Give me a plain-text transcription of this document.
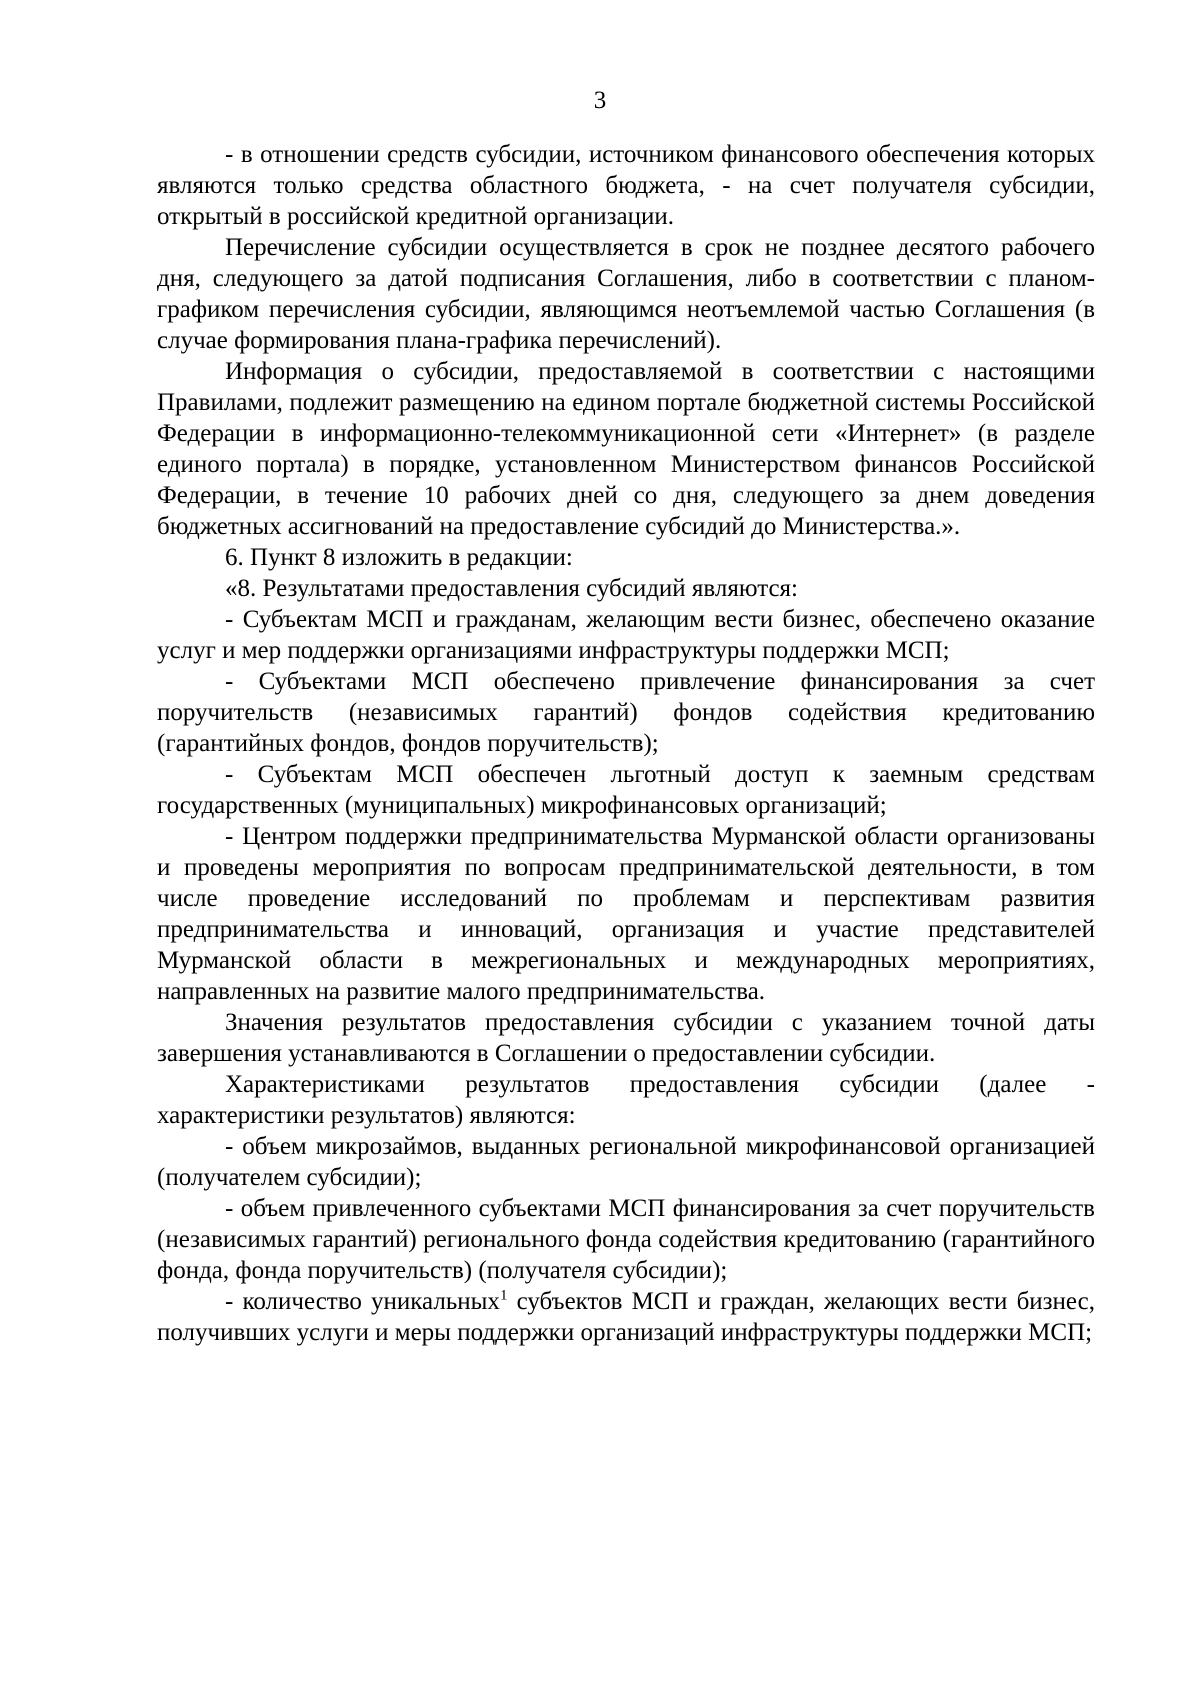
3

- в отношении средств субсидии, источником финансового обеспечения которых являются только средства областного бюджета, - на счет получателя субсидии, открытый в российской кредитной организации.

Перечисление субсидии осуществляется в срок не позднее десятого рабочего дня, следующего за датой подписания Соглашения, либо в соответствии с планом-графиком перечисления субсидии, являющимся неотъемлемой частью Соглашения (в случае формирования плана-графика перечислений).

Информация о субсидии, предоставляемой в соответствии с настоящими Правилами, подлежит размещению на едином портале бюджетной системы Российской Федерации в информационно-телекоммуникационной сети «Интернет» (в разделе единого портала) в порядке, установленном Министерством финансов Российской Федерации, в течение 10 рабочих дней со дня, следующего за днем доведения бюджетных ассигнований на предоставление субсидий до Министерства.».

6. Пункт 8 изложить в редакции:

«8. Результатами предоставления субсидий являются:

- Субъектам МСП и гражданам, желающим вести бизнес, обеспечено оказание услуг и мер поддержки организациями инфраструктуры поддержки МСП;

- Субъектами МСП обеспечено привлечение финансирования за счет поручительств (независимых гарантий) фондов содействия кредитованию (гарантийных фондов, фондов поручительств);

- Субъектам МСП обеспечен льготный доступ к заемным средствам государственных (муниципальных) микрофинансовых организаций;

- Центром поддержки предпринимательства Мурманской области организованы и проведены мероприятия по вопросам предпринимательской деятельности, в том числе проведение исследований по проблемам и перспективам развития предпринимательства и инноваций, организация и участие представителей Мурманской области в межрегиональных и международных мероприятиях, направленных на развитие малого предпринимательства.

Значения результатов предоставления субсидии с указанием точной даты завершения устанавливаются в Соглашении о предоставлении субсидии.

Характеристиками результатов предоставления субсидии (далее - характеристики результатов) являются:

- объем микрозаймов, выданных региональной микрофинансовой организацией (получателем субсидии);

- объем привлеченного субъектами МСП финансирования за счет поручительств (независимых гарантий) регионального фонда содействия кредитованию (гарантийного фонда, фонда поручительств) (получателя субсидии);

- количество уникальных$^1$ субъектов МСП и граждан, желающих вести бизнес, получивших услуги и меры поддержки организаций инфраструктуры поддержки МСП;
